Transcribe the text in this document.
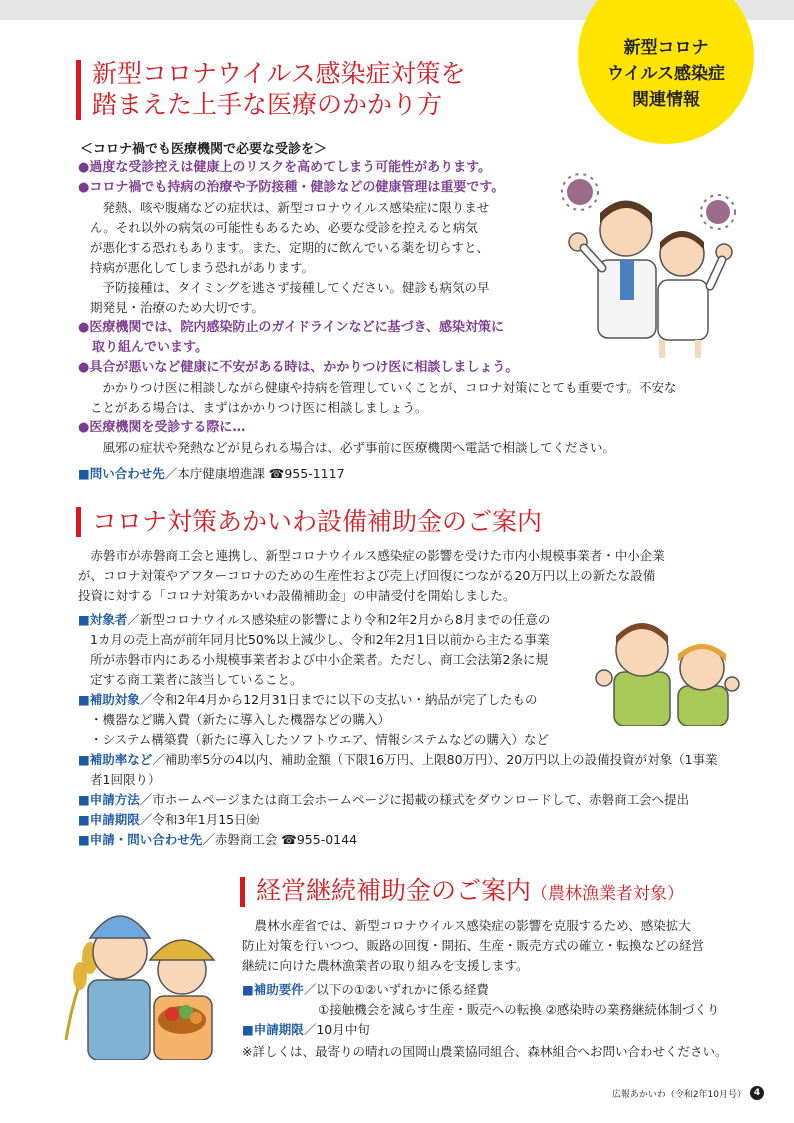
新型コロナ
ウイルス感染症
関連情報
新型コロナウイルス感染症対策を
踏まえた上手な医療のかかり方
＜コロナ禍でも医療機関で必要な受診を＞
●過度な受診控えは健康上のリスクを高めてしまう可能性があります。
●コロナ禍でも持病の治療や予防接種・健診などの健康管理は重要です。
　発熱、咳や腹痛などの症状は、新型コロナウイルス感染症に限りませ
ん。それ以外の病気の可能性もあるため、必要な受診を控えると病気
が悪化する恐れもあります。また、定期的に飲んでいる薬を切らすと、
持病が悪化してしまう恐れがあります。
　予防接種は、タイミングを逃さず接種してください。健診も病気の早
期発見・治療のため大切です。
●医療機関では、院内感染防止のガイドラインなどに基づき、感染対策に
取り組んでいます。
●具合が悪いなど健康に不安がある時は、かかりつけ医に相談しましょう。
　かかりつけ医に相談しながら健康や持病を管理していくことが、コロナ対策にとても重要です。不安な
ことがある場合は、まずはかかりつけ医に相談しましょう。
●医療機関を受診する際に…
　風邪の症状や発熱などが見られる場合は、必ず事前に医療機関へ電話で相談してください。
■問い合わせ先／本庁健康増進課 ☎955-1117
コロナ対策あかいわ設備補助金のご案内
　赤磐市が赤磐商工会と連携し、新型コロナウイルス感染症の影響を受けた市内小規模事業者・中小企業
が、コロナ対策やアフターコロナのための生産性および売上げ回復につながる20万円以上の新たな設備
投資に対する「コロナ対策あかいわ設備補助金」の申請受付を開始しました。
■対象者／新型コロナウイルス感染症の影響により令和2年2月から8月までの任意の
1カ月の売上高が前年同月比50%以上減少し、令和2年2月1日以前から主たる事業
所が赤磐市内にある小規模事業者および中小企業者。ただし、商工会法第2条に規
定する商工業者に該当していること。
■補助対象／令和2年4月から12月31日までに以下の支払い・納品が完了したもの
・機器など購入費（新たに導入した機器などの購入）
・システム構築費（新たに導入したソフトウエア、情報システムなどの購入）など
■補助率など／補助率5分の4以内、補助金額（下限16万円、上限80万円）、20万円以上の設備投資が対象（1事業
者1回限り）
■申請方法／市ホームページまたは商工会ホームページに掲載の様式をダウンロードして、赤磐商工会へ提出
■申請期限／令和3年1月15日㈮
■申請・問い合わせ先／赤磐商工会 ☎955-0144
経営継続補助金のご案内（農林漁業者対象）
　農林水産省では、新型コロナウイルス感染症の影響を克服するため、感染拡大
防止対策を行いつつ、販路の回復・開拓、生産・販売方式の確立・転換などの経営
継続に向けた農林漁業者の取り組みを支援します。
■補助要件／以下の①②いずれかに係る経費
①接触機会を減らす生産・販売への転換 ②感染時の業務継続体制づくり
■申請期限／10月中旬
※詳しくは、最寄りの晴れの国岡山農業協同組合、森林組合へお問い合わせください。
広報あかいわ（令和2年10月号） 4
